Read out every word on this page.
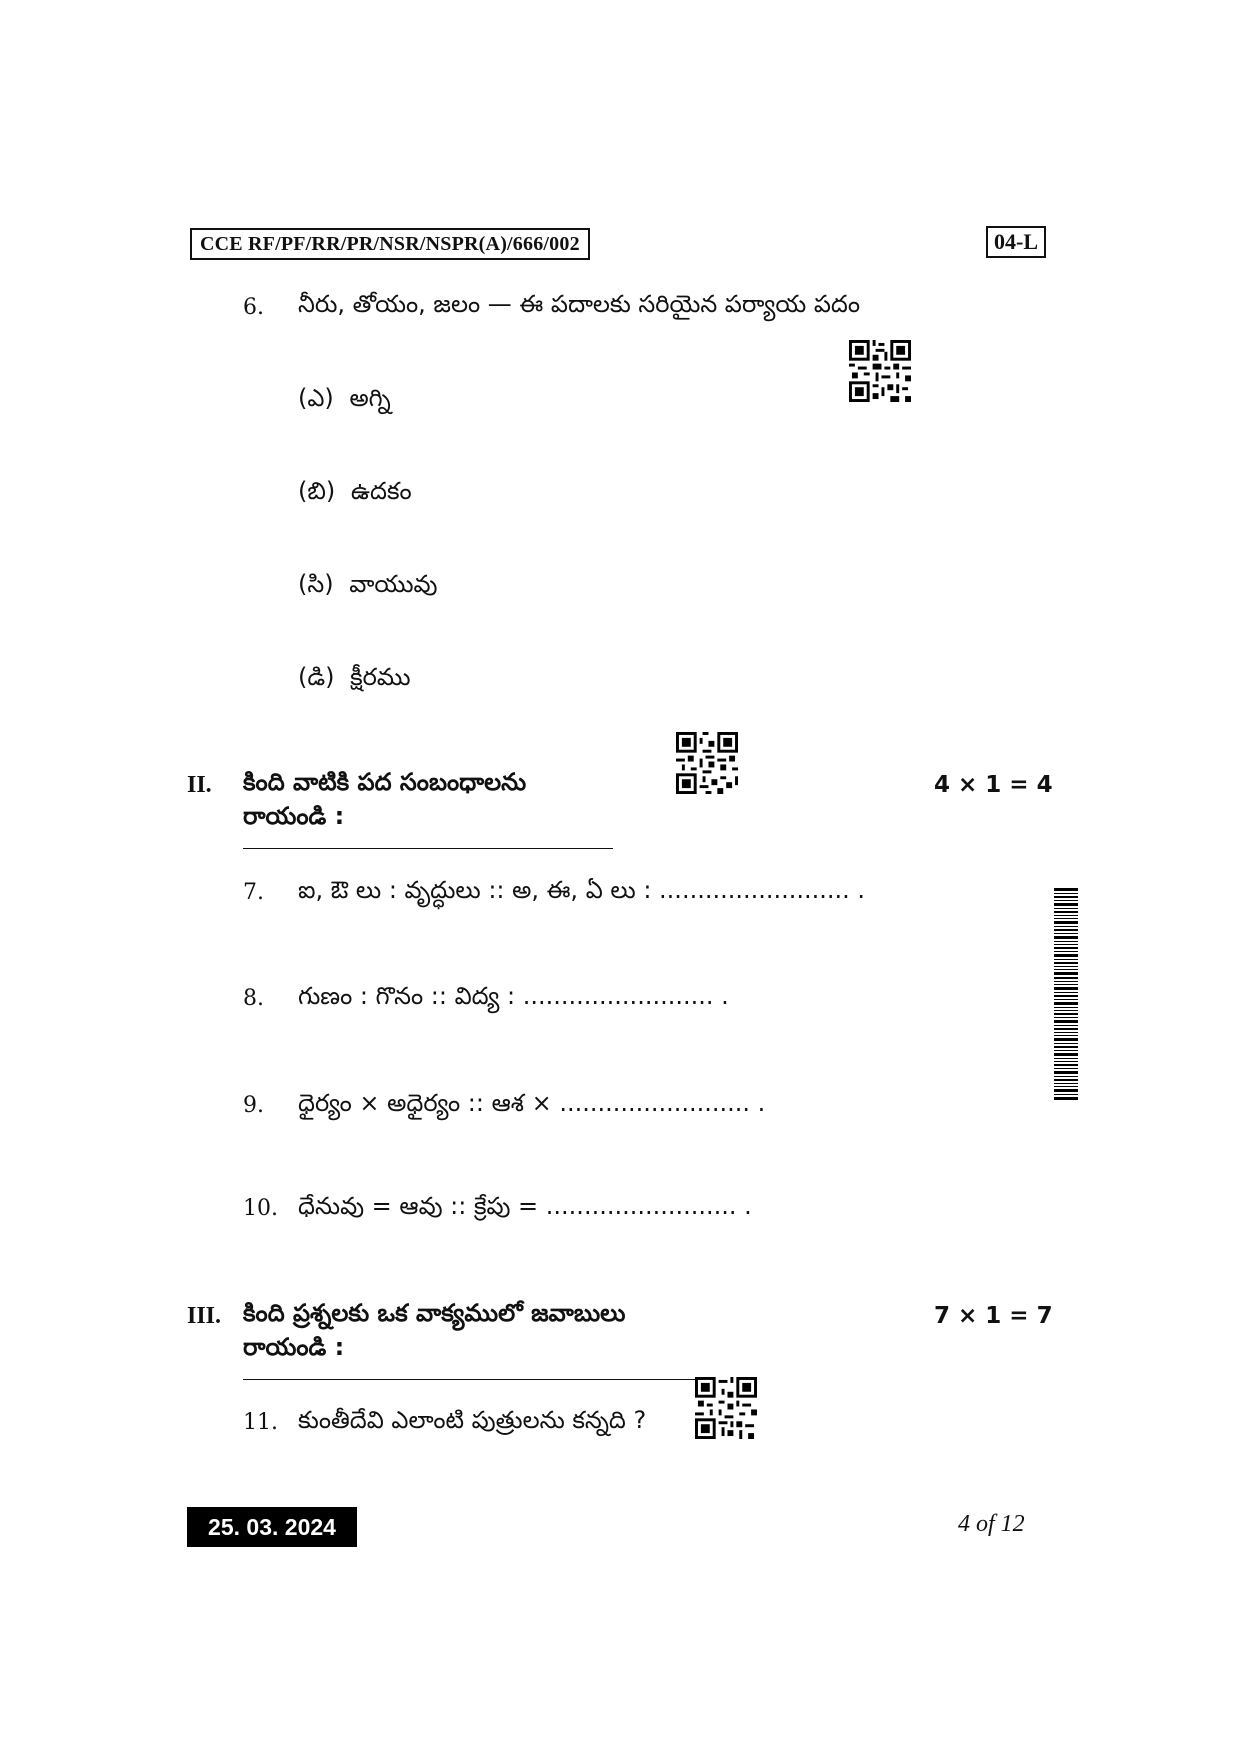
CCE RF/PF/RR/PR/NSR/NSPR(A)/666/002	04-L
6. నీరు, తోయం, జలం — ఈ పదాలకు సరియైన పర్యాయ పదం
(ఎ) అగ్ని
(బి) ఉదకం
(సి) వాయువు
(డి) క్షీరము
II. కింది వాటికి పద సంబంధాలను రాయండి :
4 × 1 = 4
7. ఐ, ఔ లు : వృద్ధులు :: అ, ఈ, ఏ లు : ......................... .
8. గుణం : గొనం :: విద్య : ......................... .
9. ధైర్యం × అధైర్యం :: ఆశ × ......................... .
10. ధేనువు = ఆవు :: క్రేపు = ......................... .
III. కింది ప్రశ్నలకు ఒక వాక్యములో జవాబులు రాయండి :
7 × 1 = 7
11. కుంతీదేవి ఎలాంటి పుత్రులను కన్నది ?
25. 03. 2024	4 of 12
